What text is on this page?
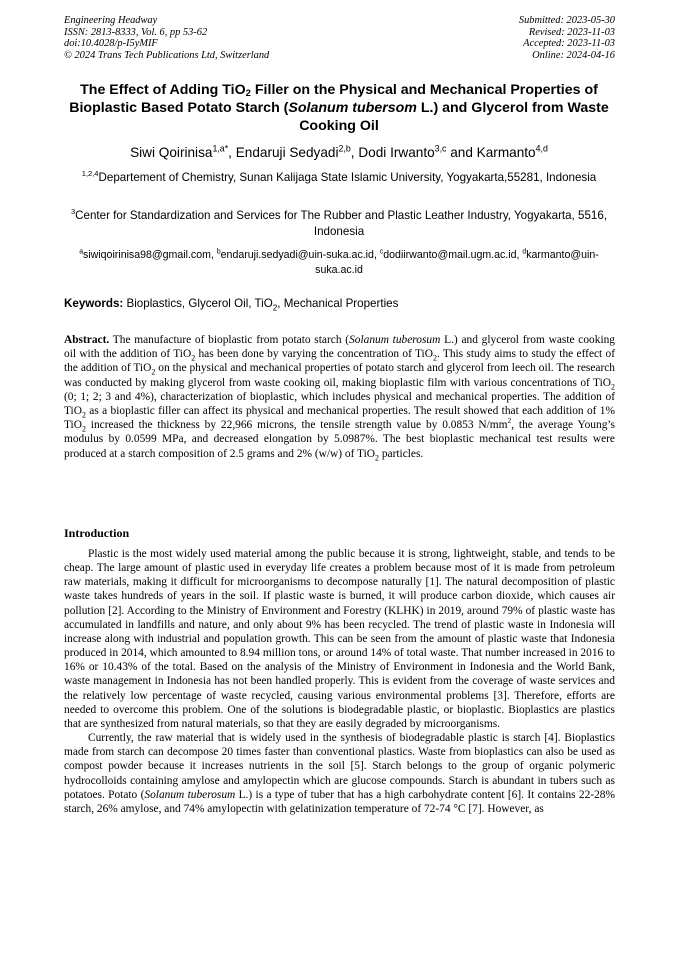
Engineering Headway
ISSN: 2813-8333, Vol. 6, pp 53-62
doi:10.4028/p-I5yMIF
© 2024 Trans Tech Publications Ltd, Switzerland
Submitted: 2023-05-30
Revised: 2023-11-03
Accepted: 2023-11-03
Online: 2024-04-16
The Effect of Adding TiO$_2$ Filler on the Physical and Mechanical Properties of Bioplastic Based Potato Starch (Solanum tubersom L.) and Glycerol from Waste Cooking Oil
Siwi Qoirinisa$^{1,a*}$, Endaruji Sedyadi$^{2,b}$, Dodi Irwanto$^{3,c}$ and Karmanto$^{4,d}$
$^{1,2,4}$Departement of Chemistry, Sunan Kalijaga State Islamic University, Yogyakarta,55281, Indonesia
$^3$Center for Standardization and Services for The Rubber and Plastic Leather Industry, Yogyakarta, 5516, Indonesia
$^a$siwiqoirinisa98@gmail.com, $^b$endaruji.sedyadi@uin-suka.ac.id, $^c$dodiirwanto@mail.ugm.ac.id, $^d$karmanto@uin-suka.ac.id
Keywords: Bioplastics, Glycerol Oil, TiO$_2$, Mechanical Properties
Abstract. The manufacture of bioplastic from potato starch (Solanum tuberosum L.) and glycerol from waste cooking oil with the addition of TiO$_2$ has been done by varying the concentration of TiO$_2$. This study aims to study the effect of the addition of TiO$_2$ on the physical and mechanical properties of potato starch and glycerol from leech oil. The research was conducted by making glycerol from waste cooking oil, making bioplastic film with various concentrations of TiO$_2$ (0; 1; 2; 3 and 4%), characterization of bioplastic, which includes physical and mechanical properties. The addition of TiO$_2$ as a bioplastic filler can affect its physical and mechanical properties. The result showed that each addition of 1% TiO$_2$ increased the thickness by 22,966 microns, the tensile strength value by 0.0853 $N/mm^2$, the average Young’s modulus by 0.0599 MPa, and decreased elongation by 5.0987%. The best bioplastic mechanical test results were produced at a starch composition of 2.5 grams and 2% (w/w) of TiO$_2$ particles.
Introduction

Plastic is the most widely used material among the public because it is strong, lightweight, stable, and tends to be cheap. The large amount of plastic used in everyday life creates a problem because most of it is made from petroleum raw materials, making it difficult for microorganisms to decompose naturally [1]. The natural decomposition of plastic waste takes hundreds of years in the soil. If plastic waste is burned, it will produce carbon dioxide, which causes air pollution [2]. According to the Ministry of Environment and Forestry (KLHK) in 2019, around 79% of plastic waste has accumulated in landfills and nature, and only about 9% has been recycled. The trend of plastic waste in Indonesia will increase along with industrial and population growth. This can be seen from the amount of plastic waste that Indonesia produced in 2014, which amounted to 8.94 million tons, or around 14% of total waste. That number increased in 2016 to 16% or 10.43% of the total. Based on the analysis of the Ministry of Environment in Indonesia and the World Bank, waste management in Indonesia has not been handled properly. This is evident from the coverage of waste services and the relatively low percentage of waste recycled, causing various environmental problems [3]. Therefore, efforts are needed to overcome this problem. One of the solutions is biodegradable plastic, or bioplastic. Bioplastics are plastics that are synthesized from natural materials, so that they are easily degraded by microorganisms.

Currently, the raw material that is widely used in the synthesis of biodegradable plastic is starch [4]. Bioplastics made from starch can decompose 20 times faster than conventional plastics. Waste from bioplastics can also be used as compost powder because it increases nutrients in the soil [5]. Starch belongs to the group of organic polymeric hydrocolloids containing amylose and amylopectin which are glucose compounds. Starch is abundant in tubers such as potatoes. Potato (Solanum tuberosum L.) is a type of tuber that has a high carbohydrate content [6]. It contains 22-28% starch, 26% amylose, and 74% amylopectin with gelatinization temperature of 72-74 °C [7]. However, as
